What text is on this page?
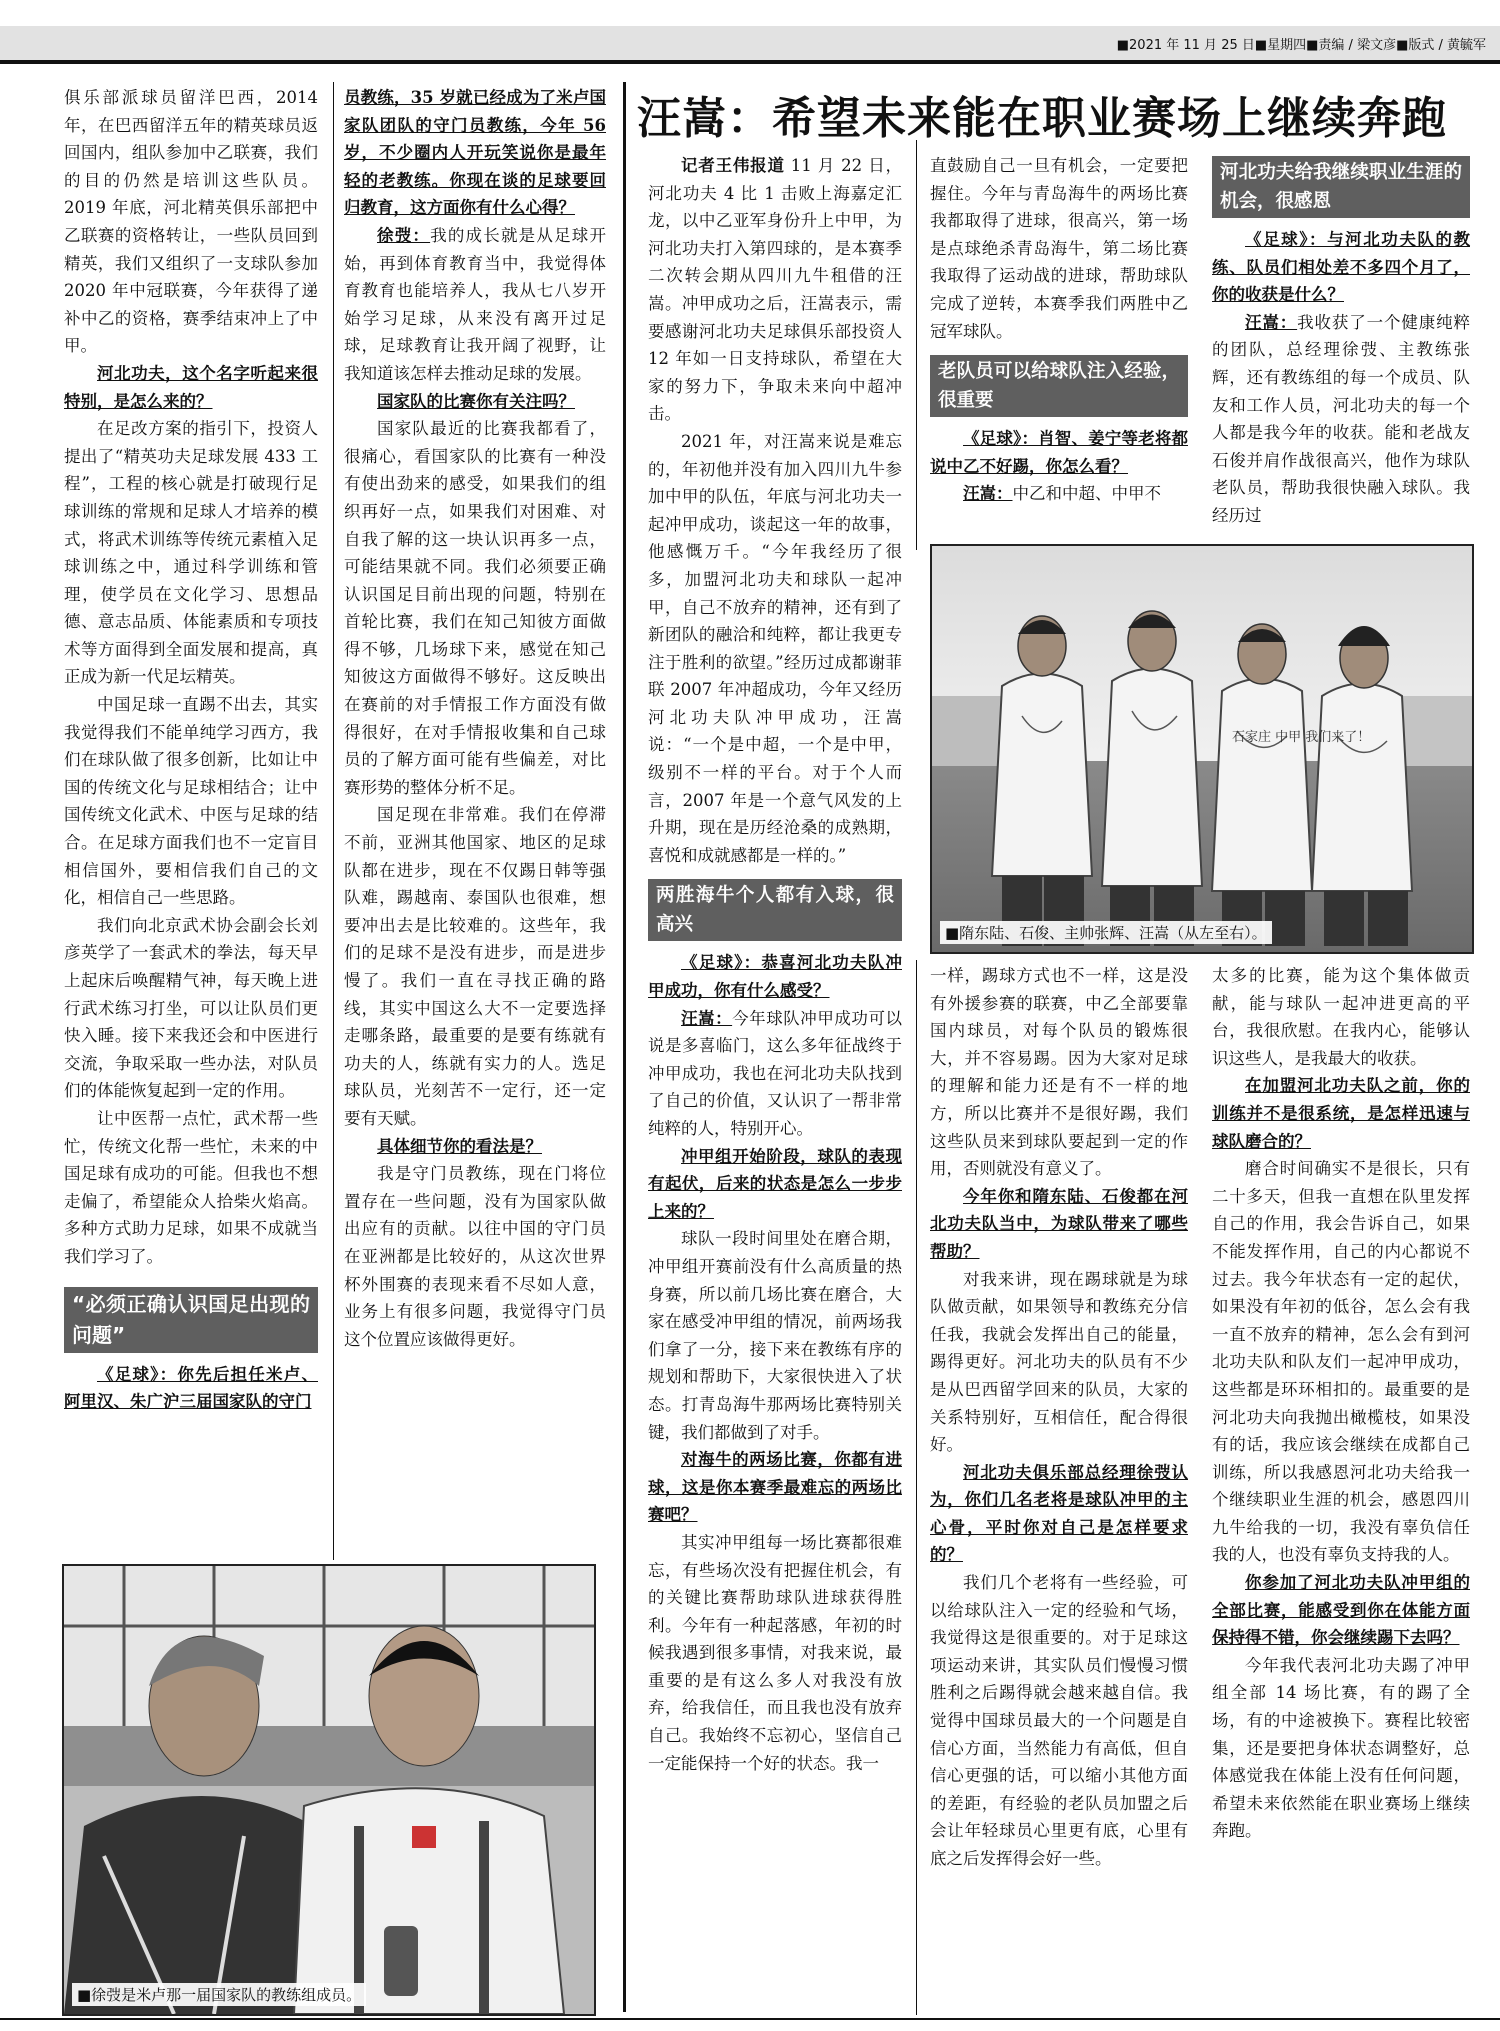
■2021 年 11 月 25 日■星期四■责编 / 梁文彦■版式 / 黄毓军

俱乐部派球员留洋巴西，2014 年，在巴西留洋五年的精英球员返回国内，组队参加中乙联赛，我们的目的仍然是培训这些队员。2019 年底，河北精英俱乐部把中乙联赛的资格转让，一些队员回到精英，我们又组织了一支球队参加 2020 年中冠联赛，今年获得了递补中乙的资格，赛季结束冲上了中甲。

河北功夫，这个名字听起来很特别，是怎么来的？

在足改方案的指引下，投资人提出了“精英功夫足球发展 433 工程”，工程的核心就是打破现行足球训练的常规和足球人才培养的模式，将武术训练等传统元素植入足球训练之中，通过科学训练和管理，使学员在文化学习、思想品德、意志品质、体能素质和专项技术等方面得到全面发展和提高，真正成为新一代足坛精英。

中国足球一直踢不出去，其实我觉得我们不能单纯学习西方，我们在球队做了很多创新，比如让中国的传统文化与足球相结合；让中国传统文化武术、中医与足球的结合。在足球方面我们也不一定盲目相信国外，要相信我们自己的文化，相信自己一些思路。

我们向北京武术协会副会长刘彦英学了一套武术的拳法，每天早上起床后唤醒精气神，每天晚上进行武术练习打坐，可以让队员们更快入睡。接下来我还会和中医进行交流，争取采取一些办法，对队员们的体能恢复起到一定的作用。

让中医帮一点忙，武术帮一些忙，传统文化帮一些忙，未来的中国足球有成功的可能。但我也不想走偏了，希望能众人拾柴火焰高。多种方式助力足球，如果不成就当我们学习了。

“必须正确认识国足出现的问题”

《足球》：你先后担任米卢、阿里汉、朱广沪三届国家队的守门

员教练，35 岁就已经成为了米卢国家队团队的守门员教练，今年 56 岁，不少圈内人开玩笑说你是最年轻的老教练。你现在谈的足球要回归教育，这方面你有什么心得？

徐弢：我的成长就是从足球开始，再到体育教育当中，我觉得体育教育也能培养人，我从七八岁开始学习足球，从来没有离开过足球，足球教育让我开阔了视野，让我知道该怎样去推动足球的发展。

国家队的比赛你有关注吗？

国家队最近的比赛我都看了，很痛心，看国家队的比赛有一种没有使出劲来的感受，如果我们的组织再好一点，如果我们对困难、对自我了解的这一块认识再多一点，可能结果就不同。我们必须要正确认识国足目前出现的问题，特别在首轮比赛，我们在知己知彼方面做得不够，几场球下来，感觉在知己知彼这方面做得不够好。这反映出在赛前的对手情报工作方面没有做得很好，在对手情报收集和自己球员的了解方面可能有些偏差，对比赛形势的整体分析不足。

国足现在非常难。我们在停滞不前，亚洲其他国家、地区的足球队都在进步，现在不仅踢日韩等强队难，踢越南、泰国队也很难，想要冲出去是比较难的。这些年，我们的足球不是没有进步，而是进步慢了。我们一直在寻找正确的路线，其实中国这么大不一定要选择走哪条路，最重要的是要有练就有功夫的人，练就有实力的人。选足球队员，光刻苦不一定行，还一定要有天赋。

具体细节你的看法是？

我是守门员教练，现在门将位置存在一些问题，没有为国家队做出应有的贡献。以往中国的守门员在亚洲都是比较好的，从这次世界杯外围赛的表现来看不尽如人意，业务上有很多问题，我觉得守门员这个位置应该做得更好。

汪嵩：希望未来能在职业赛场上继续奔跑

记者王伟报道 11 月 22 日，河北功夫 4 比 1 击败上海嘉定汇龙，以中乙亚军身份升上中甲，为河北功夫打入第四球的，是本赛季二次转会期从四川九牛租借的汪嵩。冲甲成功之后，汪嵩表示，需要感谢河北功夫足球俱乐部投资人 12 年如一日支持球队，希望在大家的努力下，争取未来向中超冲击。

2021 年，对汪嵩来说是难忘的，年初他并没有加入四川九牛参加中甲的队伍，年底与河北功夫一起冲甲成功，谈起这一年的故事，他感慨万千。“今年我经历了很多，加盟河北功夫和球队一起冲甲，自己不放弃的精神，还有到了新团队的融洽和纯粹，都让我更专注于胜利的欲望。”经历过成都谢菲联 2007 年冲超成功，今年又经历河北功夫队冲甲成功，汪嵩说：“一个是中超，一个是中甲，级别不一样的平台。对于个人而言，2007 年是一个意气风发的上升期，现在是历经沧桑的成熟期，喜悦和成就感都是一样的。”

两胜海牛个人都有入球，很高兴

《足球》：恭喜河北功夫队冲甲成功，你有什么感受？

汪嵩：今年球队冲甲成功可以说是多喜临门，这么多年征战终于冲甲成功，我也在河北功夫队找到了自己的价值，又认识了一帮非常纯粹的人，特别开心。

冲甲组开始阶段，球队的表现有起伏，后来的状态是怎么一步步上来的？

球队一段时间里处在磨合期，冲甲组开赛前没有什么高质量的热身赛，所以前几场比赛在磨合，大家在感受冲甲组的情况，前两场我们拿了一分，接下来在教练有序的规划和帮助下，大家很快进入了状态。打青岛海牛那两场比赛特别关键，我们都做到了对手。

对海牛的两场比赛，你都有进球，这是你本赛季最难忘的两场比赛吧？

其实冲甲组每一场比赛都很难忘，有些场次没有把握住机会，有的关键比赛帮助球队进球获得胜利。今年有一种起落感，年初的时候我遇到很多事情，对我来说，最重要的是有这么多人对我没有放弃，给我信任，而且我也没有放弃自己。我始终不忘初心，坚信自己一定能保持一个好的状态。我一

直鼓励自己一旦有机会，一定要把握住。今年与青岛海牛的两场比赛我都取得了进球，很高兴，第一场是点球绝杀青岛海牛，第二场比赛我取得了运动战的进球，帮助球队完成了逆转，本赛季我们两胜中乙冠军球队。

老队员可以给球队注入经验，很重要

《足球》：肖智、姜宁等老将都说中乙不好踢，你怎么看？

汪嵩：中乙和中超、中甲不

河北功夫给我继续职业生涯的机会，很感恩

《足球》：与河北功夫队的教练、队员们相处差不多四个月了，你的收获是什么？

汪嵩：我收获了一个健康纯粹的团队，总经理徐弢、主教练张辉，还有教练组的每一个成员、队友和工作人员，河北功夫的每一个人都是我今年的收获。能和老战友石俊并肩作战很高兴，他作为球队老队员，帮助我很快融入球队。我经历过

石家庄 中甲 我们来了！
■隋东陆、石俊、主帅张辉、汪嵩（从左至右）。

一样，踢球方式也不一样，这是没有外援参赛的联赛，中乙全部要靠国内球员，对每个队员的锻炼很大，并不容易踢。因为大家对足球的理解和能力还是有不一样的地方，所以比赛并不是很好踢，我们这些队员来到球队要起到一定的作用，否则就没有意义了。

今年你和隋东陆、石俊都在河北功夫队当中，为球队带来了哪些帮助？

对我来讲，现在踢球就是为球队做贡献，如果领导和教练充分信任我，我就会发挥出自己的能量，踢得更好。河北功夫的队员有不少是从巴西留学回来的队员，大家的关系特别好，互相信任，配合得很好。

河北功夫俱乐部总经理徐弢认为，你们几名老将是球队冲甲的主心骨，平时你对自己是怎样要求的？

我们几个老将有一些经验，可以给球队注入一定的经验和气场，我觉得这是很重要的。对于足球这项运动来讲，其实队员们慢慢习惯胜利之后踢得就会越来越自信。我觉得中国球员最大的一个问题是自信心方面，当然能力有高低，但自信心更强的话，可以缩小其他方面的差距，有经验的老队员加盟之后会让年轻球员心里更有底，心里有底之后发挥得会好一些。

太多的比赛，能为这个集体做贡献，能与球队一起冲进更高的平台，我很欣慰。在我内心，能够认识这些人，是我最大的收获。

在加盟河北功夫队之前，你的训练并不是很系统，是怎样迅速与球队磨合的？

磨合时间确实不是很长，只有二十多天，但我一直想在队里发挥自己的作用，我会告诉自己，如果不能发挥作用，自己的内心都说不过去。我今年状态有一定的起伏，如果没有年初的低谷，怎么会有我一直不放弃的精神，怎么会有到河北功夫队和队友们一起冲甲成功，这些都是环环相扣的。最重要的是河北功夫向我抛出橄榄枝，如果没有的话，我应该会继续在成都自己训练，所以我感恩河北功夫给我一个继续职业生涯的机会，感恩四川九牛给我的一切，我没有辜负信任我的人，也没有辜负支持我的人。

你参加了河北功夫队冲甲组的全部比赛，能感受到你在体能方面保持得不错，你会继续踢下去吗？

今年我代表河北功夫踢了冲甲组全部 14 场比赛，有的踢了全场，有的中途被换下。赛程比较密集，还是要把身体状态调整好，总体感觉我在体能上没有任何问题，希望未来依然能在职业赛场上继续奔跑。

■徐弢是米卢那一届国家队的教练组成员。
